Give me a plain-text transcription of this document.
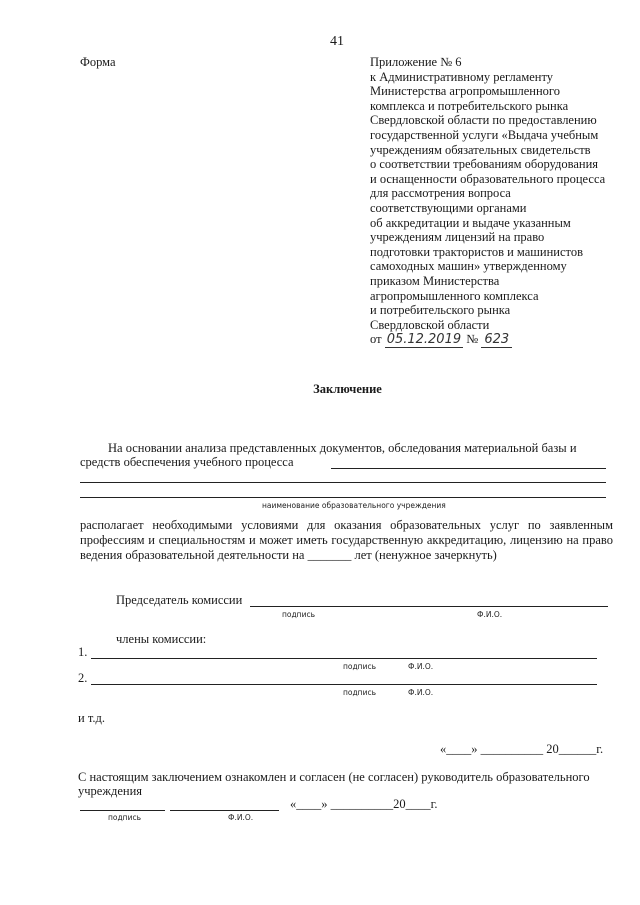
41
Форма	Приложение № 6
к Административному регламенту
Министерства агропромышленного
комплекса и потребительского рынка
Свердловской области по предоставлению
государственной услуги «Выдача учебным
учреждениям обязательных свидетельств
о соответствии требованиям оборудования
и оснащенности образовательного процесса
для рассмотрения вопроса
соответствующими органами
об аккредитации и выдаче указанным
учреждениям лицензий на право
подготовки трактористов и машинистов
самоходных машин» утвержденному
приказом Министерства
агропромышленного комплекса
и потребительского рынка
Свердловской области
от 05.12.2019 № 623
Заключение
На основании анализа представленных документов, обследования материальной базы и
средств обеспечения учебного процесса
наименование образовательного учреждения
располагает необходимыми условиями для оказания образовательных услуг по заявленным профессиям и специальностям и может иметь государственную аккредитацию, лицензию на право ведения образовательной деятельности на _______ лет (ненужное зачеркнуть)
Председатель комиссии
подпись	Ф.И.О.
члены комиссии:
1.
подпись	Ф.И.О.
2.
подпись	Ф.И.О.
и т.д.
«____» __________ 20______г.
С настоящим заключением ознакомлен и согласен (не согласен) руководитель образовательного
учреждения
«____» __________20____г.
подпись	Ф.И.О.
